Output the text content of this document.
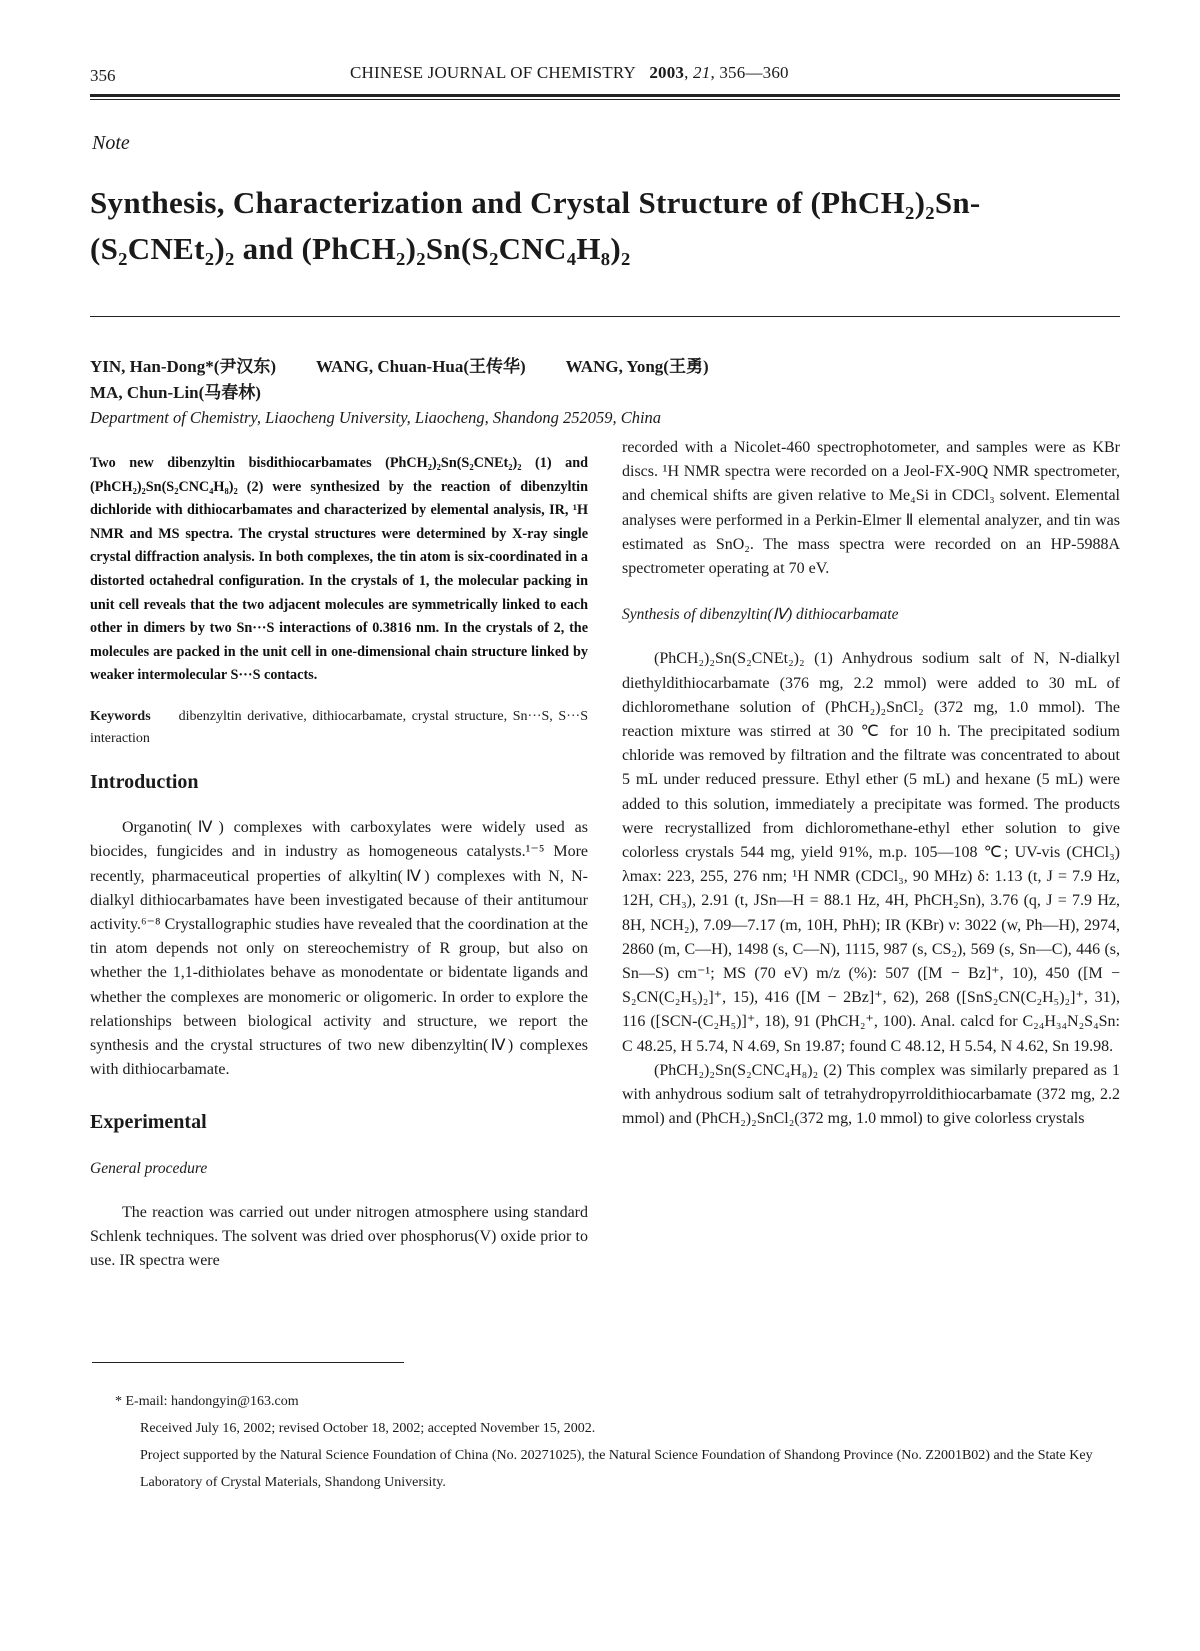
356	CHINESE JOURNAL OF CHEMISTRY 2003, 21, 356—360
Note
Synthesis, Characterization and Crystal Structure of (PhCH₂)₂Sn-
(S₂CNEt₂)₂ and (PhCH₂)₂Sn(S₂CNC₄H₈)₂
YIN, Han-Dong*(尹汉东) WANG, Chuan-Hua(王传华) WANG, Yong(王勇)
MA, Chun-Lin(马春林)
Department of Chemistry, Liaocheng University, Liaocheng, Shandong 252059, China
Two new dibenzyltin bisdithiocarbamates (PhCH₂)₂Sn(S₂CNEt₂)₂ (1) and (PhCH₂)₂Sn(S₂CNC₄H₈)₂ (2) were synthesized by the reaction of dibenzyltin dichloride with dithiocarbamates and characterized by elemental analysis, IR, ¹H NMR and MS spectra. The crystal structures were determined by X-ray single crystal diffraction analysis. In both complexes, the tin atom is six-coordinated in a distorted octahedral configuration. In the crystals of 1, the molecular packing in unit cell reveals that the two adjacent molecules are symmetrically linked to each other in dimers by two Sn···S interactions of 0.3816 nm. In the crystals of 2, the molecules are packed in the unit cell in one-dimensional chain structure linked by weaker intermolecular S···S contacts.
Keywords dibenzyltin derivative, dithiocarbamate, crystal structure, Sn···S, S···S interaction
Introduction

Organotin(Ⅳ) complexes with carboxylates were widely used as biocides, fungicides and in industry as homogeneous catalysts.¹⁻⁵ More recently, pharmaceutical properties of alkyltin(Ⅳ) complexes with N, N-dialkyl dithiocarbamates have been investigated because of their antitumour activity.⁶⁻⁸ Crystallographic studies have revealed that the coordination at the tin atom depends not only on stereochemistry of R group, but also on whether the 1,1-dithiolates behave as monodentate or bidentate ligands and whether the complexes are monomeric or oligomeric. In order to explore the relationships between biological activity and structure, we report the synthesis and the crystal structures of two new dibenzyltin(Ⅳ) complexes with dithiocarbamate.

Experimental
General procedure

The reaction was carried out under nitrogen atmosphere using standard Schlenk techniques. The solvent was dried over phosphorus(V) oxide prior to use. IR spectra were

recorded with a Nicolet-460 spectrophotometer, and samples were as KBr discs. ¹H NMR spectra were recorded on a Jeol-FX-90Q NMR spectrometer, and chemical shifts are given relative to Me₄Si in CDCl₃ solvent. Elemental analyses were performed in a Perkin-Elmer Ⅱ elemental analyzer, and tin was estimated as SnO₂. The mass spectra were recorded on an HP-5988A spectrometer operating at 70 eV.

Synthesis of dibenzyltin(Ⅳ) dithiocarbamate

(PhCH₂)₂Sn(S₂CNEt₂)₂ (1) Anhydrous sodium salt of N, N-dialkyl diethyldithiocarbamate (376 mg, 2.2 mmol) were added to 30 mL of dichloromethane solution of (PhCH₂)₂SnCl₂ (372 mg, 1.0 mmol). The reaction mixture was stirred at 30 ℃ for 10 h. The precipitated sodium chloride was removed by filtration and the filtrate was concentrated to about 5 mL under reduced pressure. Ethyl ether (5 mL) and hexane (5 mL) were added to this solution, immediately a precipitate was formed. The products were recrystallized from dichloromethane-ethyl ether solution to give colorless crystals 544 mg, yield 91%, m.p. 105—108 ℃; UV-vis (CHCl₃) λmax: 223, 255, 276 nm; ¹H NMR (CDCl₃, 90 MHz) δ: 1.13 (t, J = 7.9 Hz, 12H, CH₃), 2.91 (t, JSn—H = 88.1 Hz, 4H, PhCH₂Sn), 3.76 (q, J = 7.9 Hz, 8H, NCH₂), 7.09—7.17 (m, 10H, PhH); IR (KBr) ν: 3022 (w, Ph—H), 2974, 2860 (m, C—H), 1498 (s, C—N), 1115, 987 (s, CS₂), 569 (s, Sn—C), 446 (s, Sn—S) cm⁻¹; MS (70 eV) m/z (%): 507 ([M − Bz]⁺, 10), 450 ([M − S₂CN(C₂H₅)₂]⁺, 15), 416 ([M − 2Bz]⁺, 62), 268 ([SnS₂CN(C₂H₅)₂]⁺, 31), 116 ([SCN-(C₂H₅)]⁺, 18), 91 (PhCH₂⁺, 100). Anal. calcd for C₂₄H₃₄N₂S₄Sn: C 48.25, H 5.74, N 4.69, Sn 19.87; found C 48.12, H 5.54, N 4.62, Sn 19.98.

(PhCH₂)₂Sn(S₂CNC₄H₈)₂ (2) This complex was similarly prepared as 1 with anhydrous sodium salt of tetrahydropyrroldithiocarbamate (372 mg, 2.2 mmol) and (PhCH₂)₂SnCl₂(372 mg, 1.0 mmol) to give colorless crystals

* E-mail: handongyin@163.com
Received July 16, 2002; revised October 18, 2002; accepted November 15, 2002.
Project supported by the Natural Science Foundation of China (No. 20271025), the Natural Science Foundation of Shandong Province (No. Z2001B02) and the State Key Laboratory of Crystal Materials, Shandong University.
